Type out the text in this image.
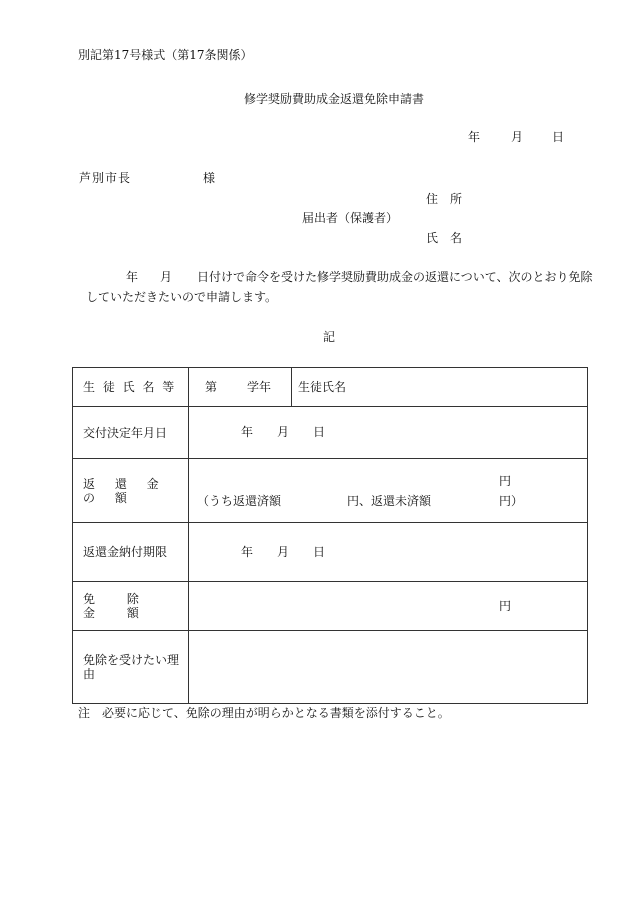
別記第17号様式（第17条関係）
修学奨励費助成金返還免除申請書
年	月 日
芦別市長	様
住　所
届出者（保護者）
氏　名
年 月 日付けで命令を受けた修学奨励費助成金の返還について、次のとおり免除
していただきたいので申請します。
記
生 徒 氏 名 等	第 学年	生徒氏名

交付決定年月日	年 月 日	

返 還 金 の 額	円
（うち返還済額 円、返還未済額 円）	

返還金納付期限	年 月 日	

免 除 金 額	円	

免除を受けたい理由		
注　必要に応じて、免除の理由が明らかとなる書類を添付すること。
